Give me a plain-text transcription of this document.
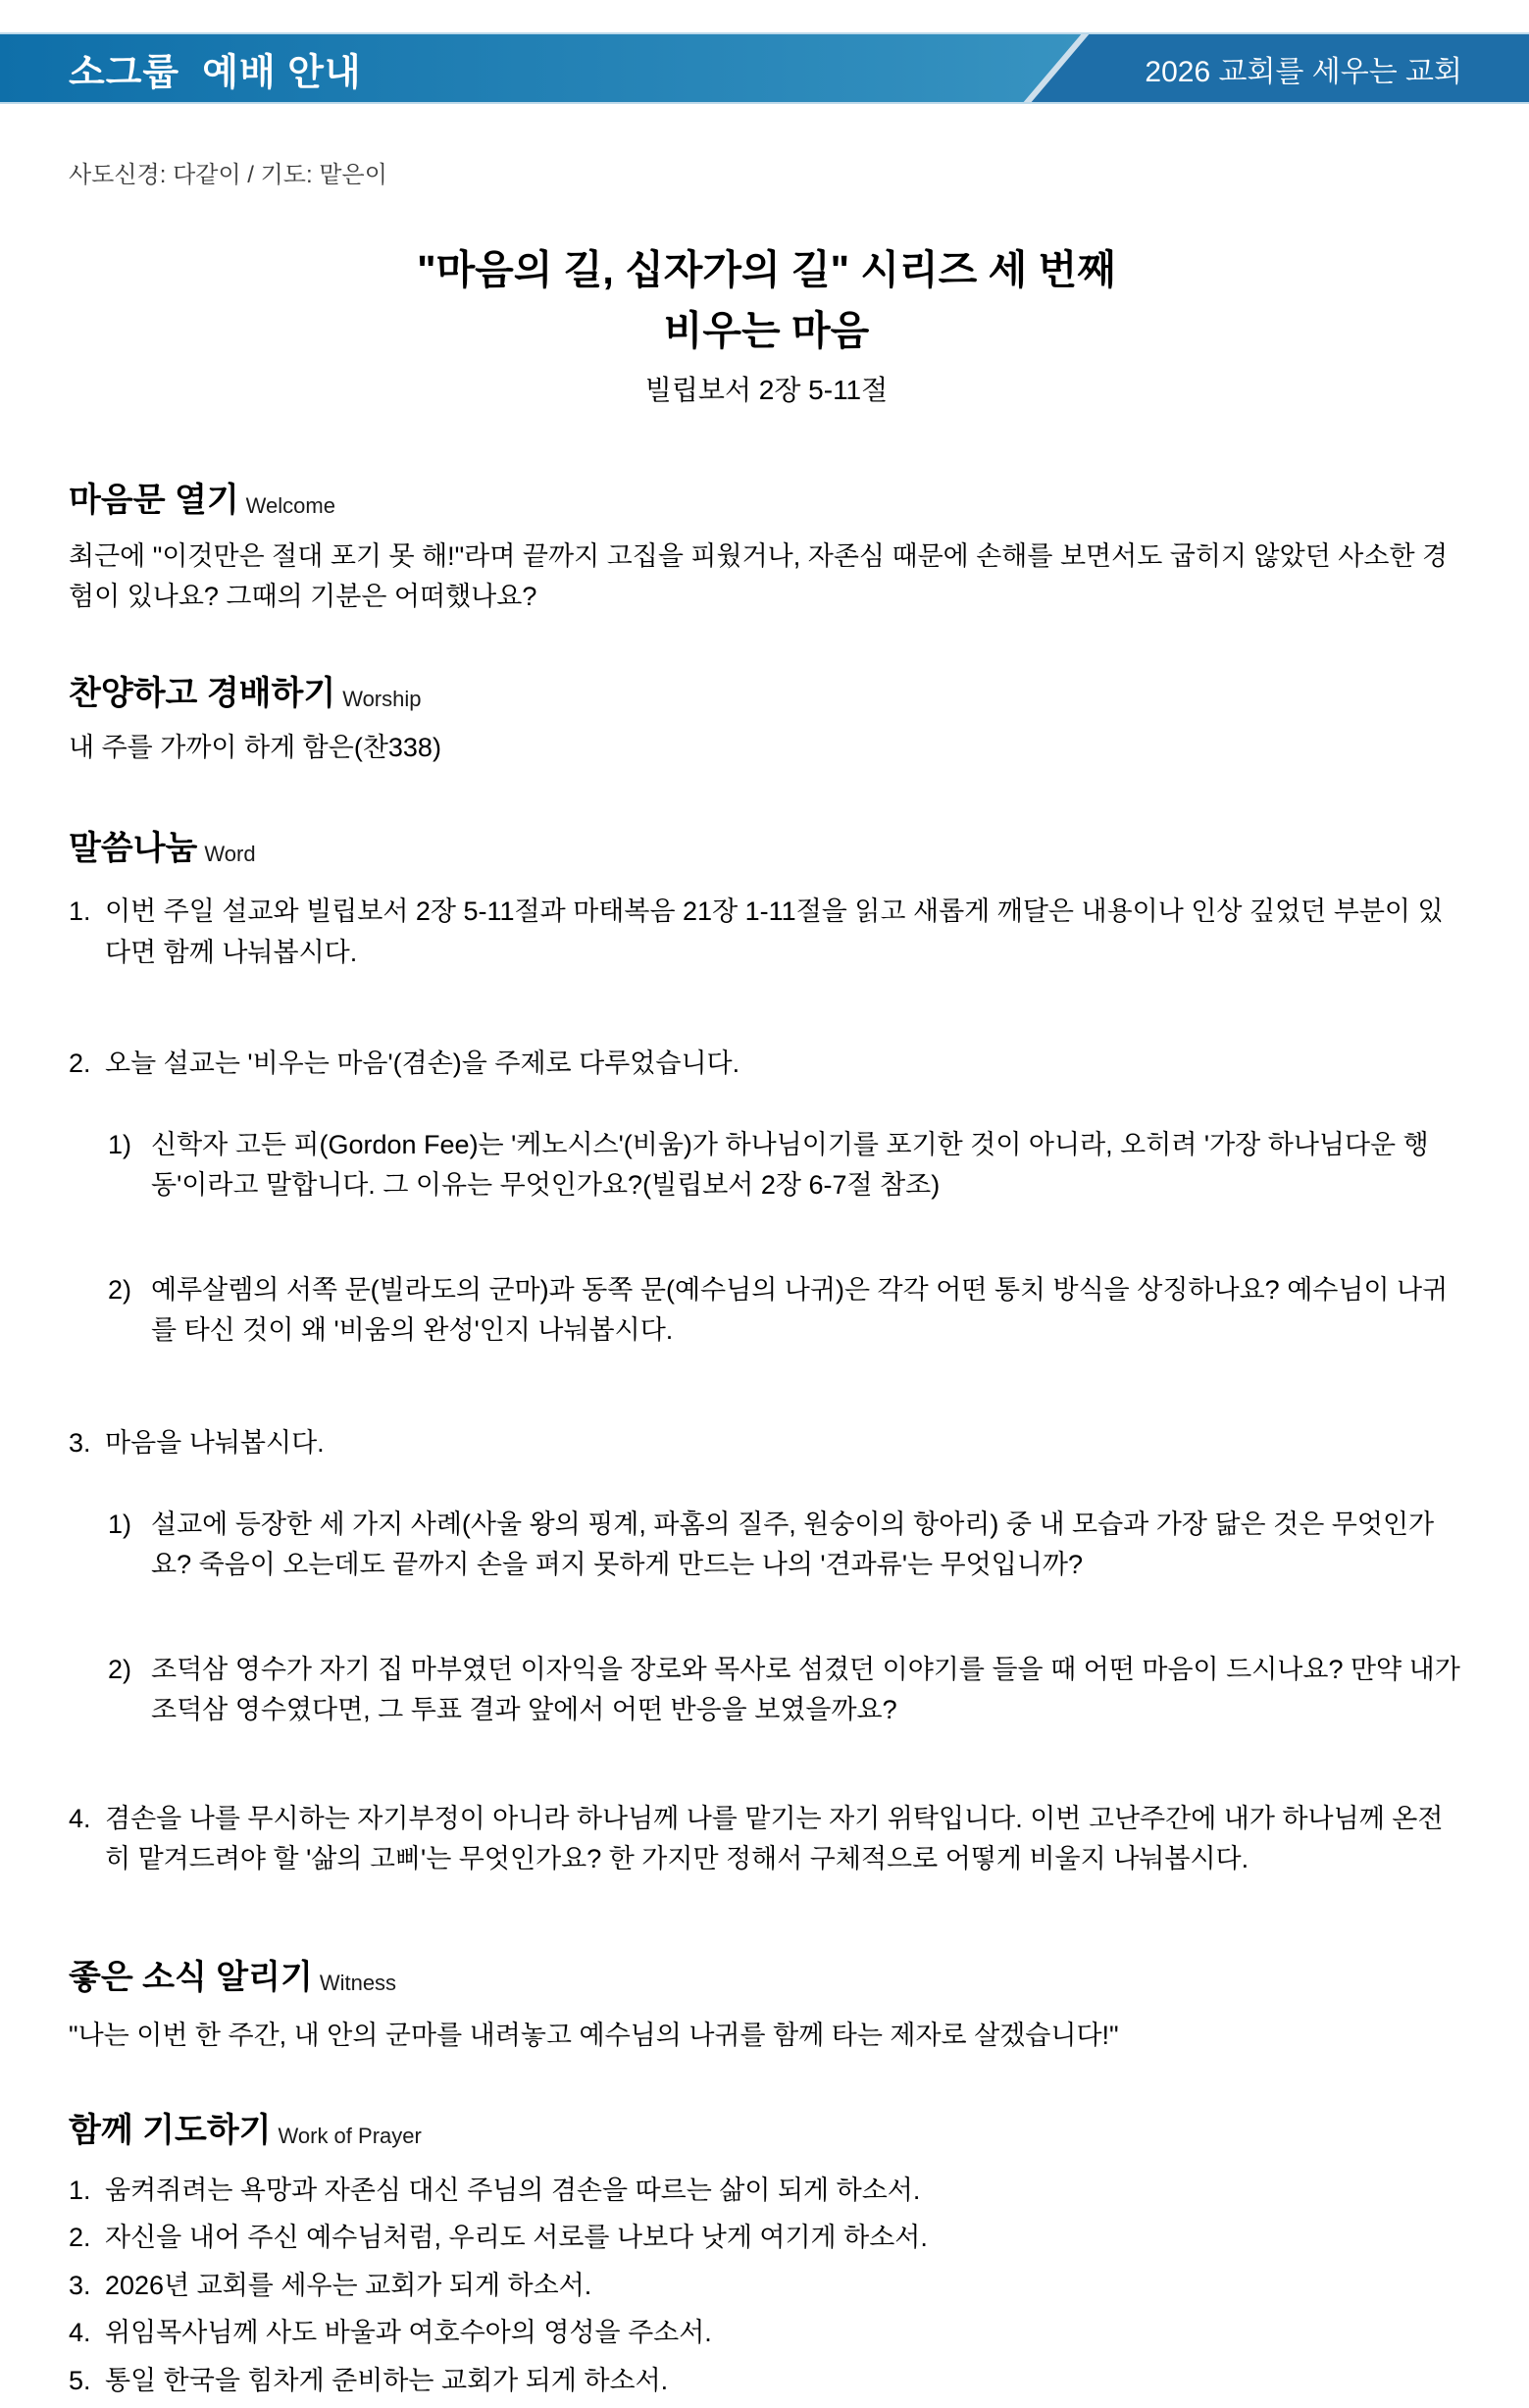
소그룹  예배 안내	2026 교회를 세우는 교회
사도신경: 다같이 / 기도: 맡은이
"마음의 길, 십자가의 길" 시리즈 세 번째
비우는 마음
빌립보서 2장 5-11절
마음문 열기 Welcome
최근에 "이것만은 절대 포기 못 해!"라며 끝까지 고집을 피웠거나, 자존심 때문에 손해를 보면서도 굽히지 않았던 사소한 경험이 있나요? 그때의 기분은 어떠했나요?
찬양하고 경배하기 Worship
내 주를 가까이 하게 함은(찬338)
말씀나눔 Word
1. 이번 주일 설교와 빌립보서 2장 5-11절과 마태복음 21장 1-11절을 읽고 새롭게 깨달은 내용이나 인상 깊었던 부분이 있다면 함께 나눠봅시다.
2. 오늘 설교는 '비우는 마음'(겸손)을 주제로 다루었습니다.
1) 신학자 고든 피(Gordon Fee)는 '케노시스'(비움)가 하나님이기를 포기한 것이 아니라, 오히려 '가장 하나님다운 행동'이라고 말합니다. 그 이유는 무엇인가요?(빌립보서 2장 6-7절 참조)
2) 예루살렘의 서쪽 문(빌라도의 군마)과 동쪽 문(예수님의 나귀)은 각각 어떤 통치 방식을 상징하나요? 예수님이 나귀를 타신 것이 왜 '비움의 완성'인지 나눠봅시다.
3. 마음을 나눠봅시다.
1) 설교에 등장한 세 가지 사례(사울 왕의 핑계, 파홈의 질주, 원숭이의 항아리) 중 내 모습과 가장 닮은 것은 무엇인가요? 죽음이 오는데도 끝까지 손을 펴지 못하게 만드는 나의 '견과류'는 무엇입니까?
2) 조덕삼 영수가 자기 집 마부였던 이자익을 장로와 목사로 섬겼던 이야기를 들을 때 어떤 마음이 드시나요? 만약 내가 조덕삼 영수였다면, 그 투표 결과 앞에서 어떤 반응을 보였을까요?
4. 겸손을 나를 무시하는 자기부정이 아니라 하나님께 나를 맡기는 자기 위탁입니다. 이번 고난주간에 내가 하나님께 온전히 맡겨드려야 할 '삶의 고삐'는 무엇인가요? 한 가지만 정해서 구체적으로 어떻게 비울지 나눠봅시다.
좋은 소식 알리기 Witness
"나는 이번 한 주간, 내 안의 군마를 내려놓고 예수님의 나귀를 함께 타는 제자로 살겠습니다!"
함께 기도하기 Work of Prayer
1. 움켜쥐려는 욕망과 자존심 대신 주님의 겸손을 따르는 삶이 되게 하소서.
2. 자신을 내어 주신 예수님처럼, 우리도 서로를 나보다 낫게 여기게 하소서.
3. 2026년 교회를 세우는 교회가 되게 하소서.
4. 위임목사님께 사도 바울과 여호수아의 영성을 주소서.
5. 통일 한국을 힘차게 준비하는 교회가 되게 하소서.
